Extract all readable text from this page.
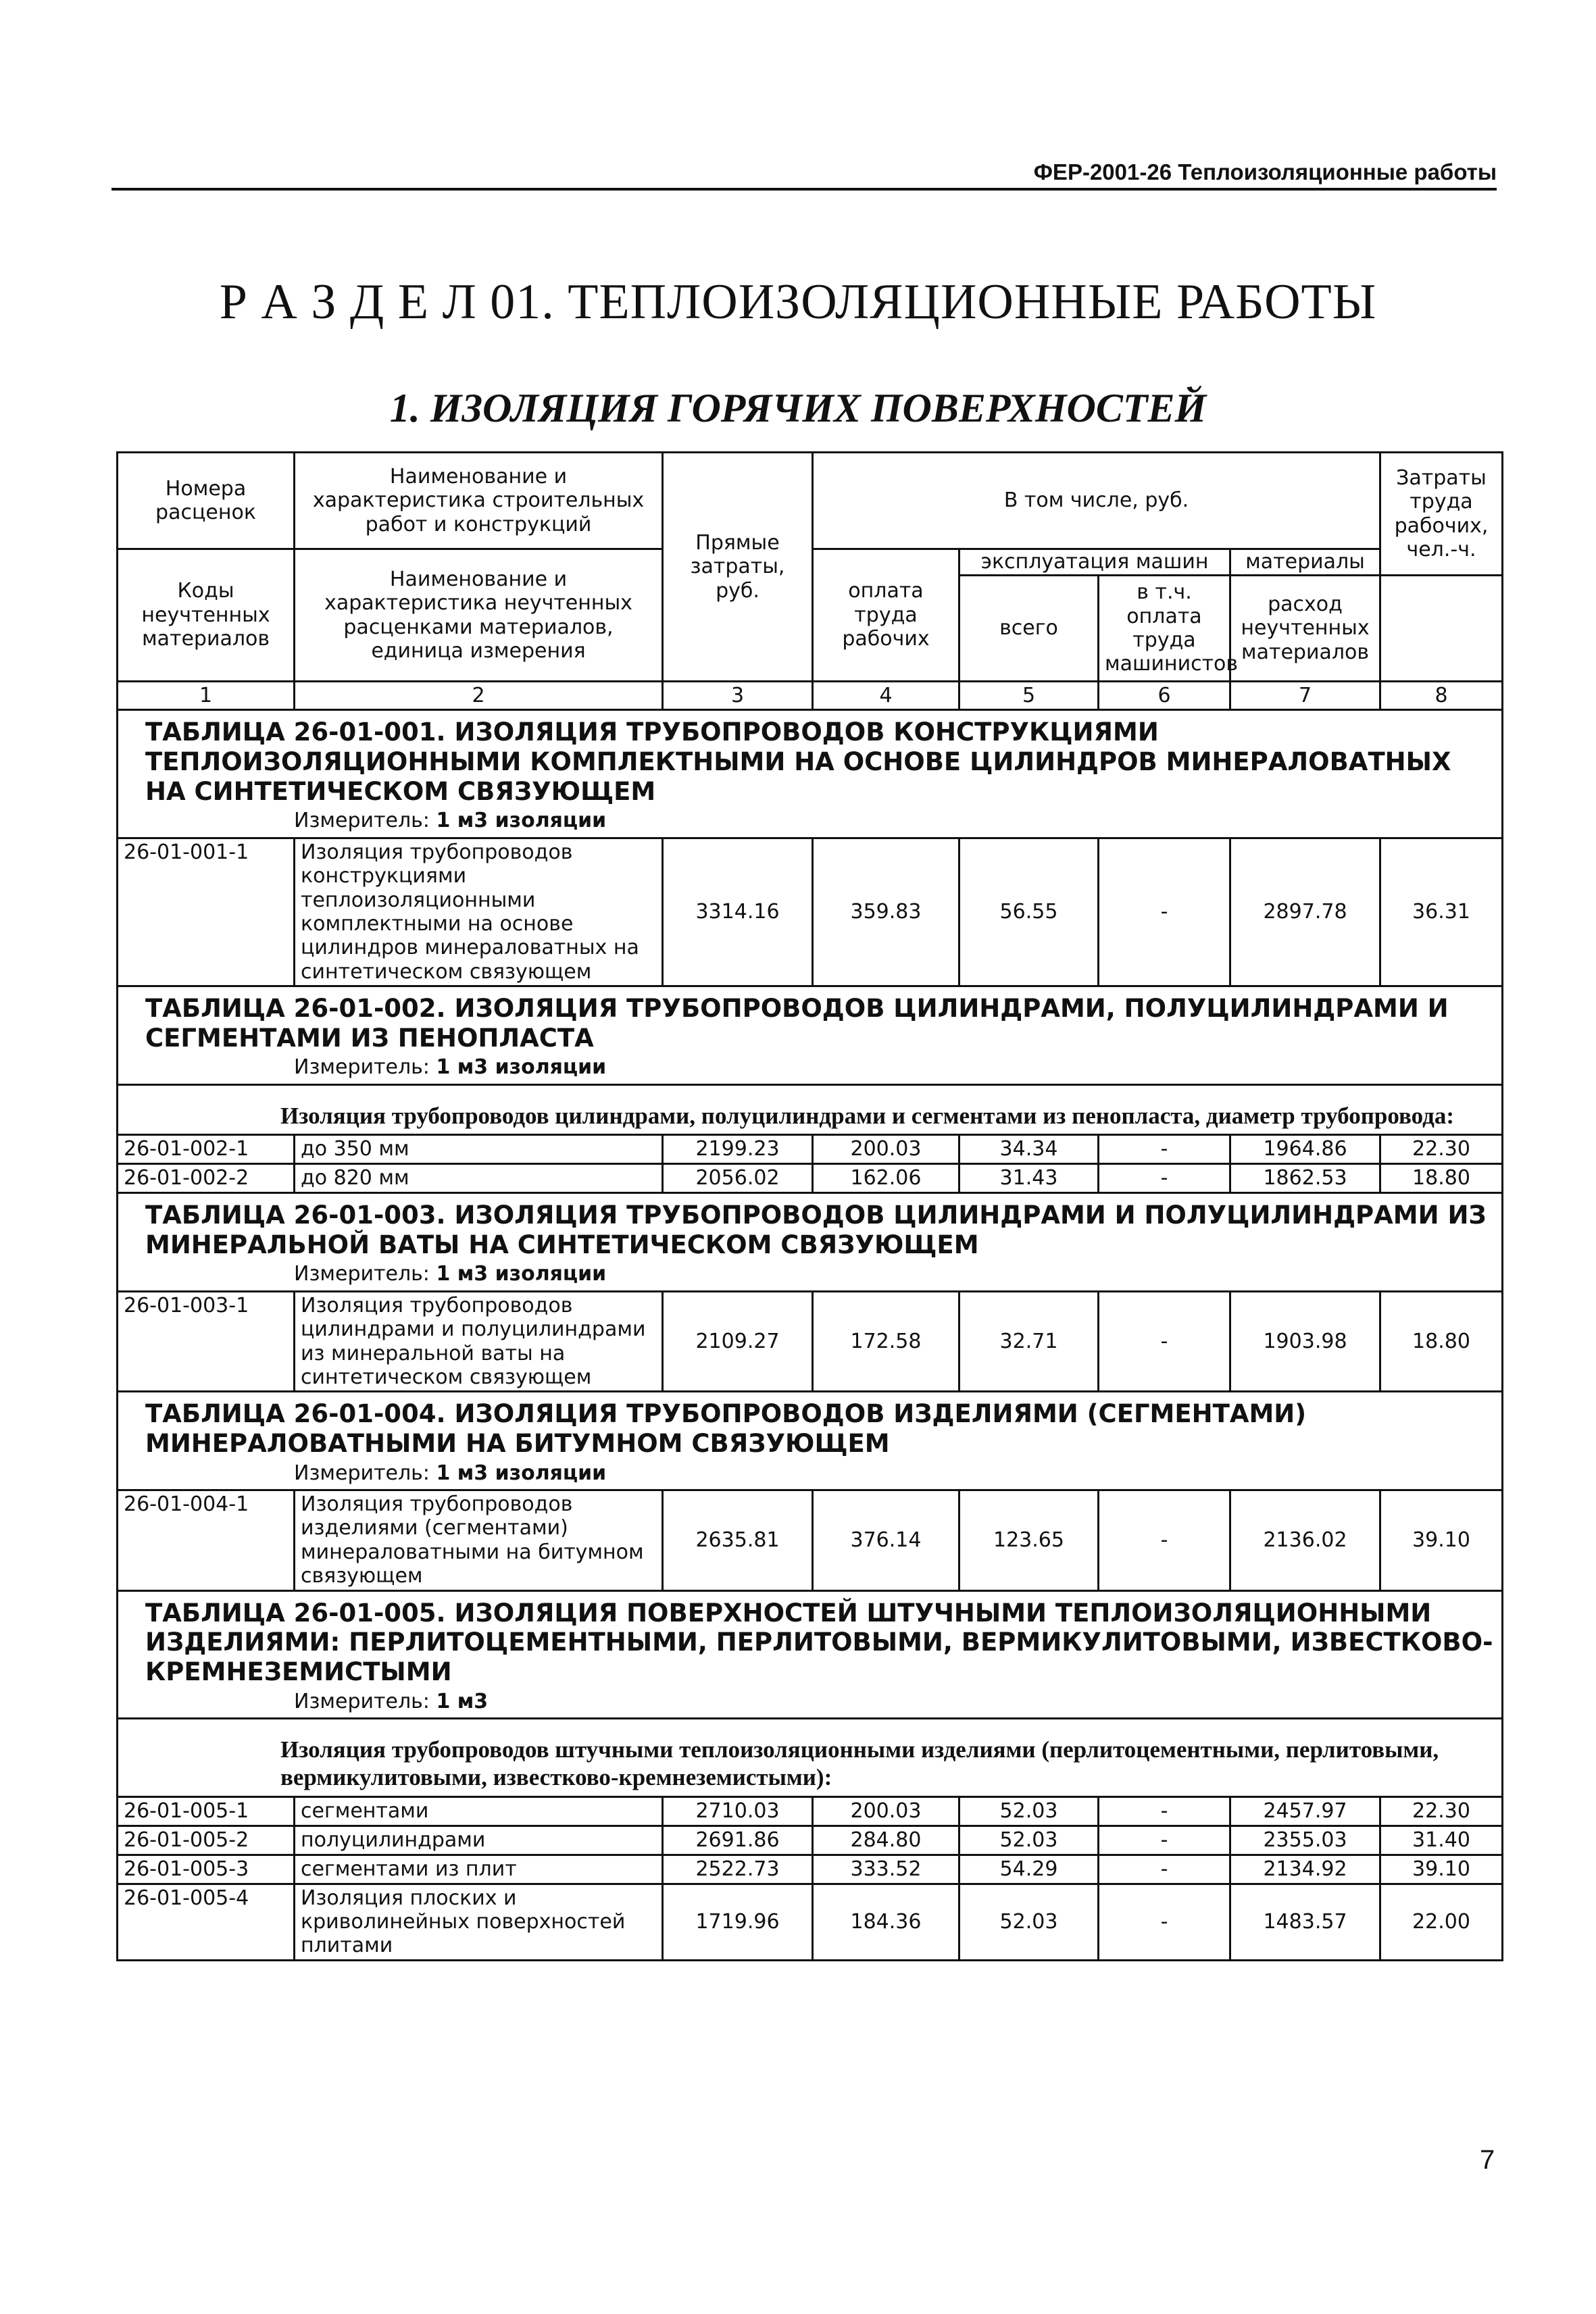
ФЕР-2001-26 Теплоизоляционные работы
Р А З Д Е Л 01. ТЕПЛОИЗОЛЯЦИОННЫЕ РАБОТЫ
1. ИЗОЛЯЦИЯ ГОРЯЧИХ ПОВЕРХНОСТЕЙ
Номера расценок	Наименование и характеристика строительных работ и конструкций	Прямые затраты, руб.	В том числе, руб.				Затраты труда рабочих, чел.-ч.
Коды неучтенных материалов	Наименование и характеристика неучтенных расценками материалов, единица измерения		оплата труда рабочих	эксплуатация машин		материалы	
				всего	в т.ч. оплата труда машинистов	расход неучтенных материалов	
1	2	3	4	5	6	7	8

ТАБЛИЦА 26-01-001. ИЗОЛЯЦИЯ ТРУБОПРОВОДОВ КОНСТРУКЦИЯМИ ТЕПЛОИЗОЛЯЦИОННЫМИ КОМПЛЕКТНЫМИ НА ОСНОВЕ ЦИЛИНДРОВ МИНЕРАЛОВАТНЫХ НА СИНТЕТИЧЕСКОМ СВЯЗУЮЩЕМ
Измеритель: 1 м3 изоляции							

26-01-001-1	Изоляция трубопроводов конструкциями теплоизоляционными комплектными на основе цилиндров минераловатных на синтетическом связующем	3314.16	359.83	56.55	-	2897.78	36.31

ТАБЛИЦА 26-01-002. ИЗОЛЯЦИЯ ТРУБОПРОВОДОВ ЦИЛИНДРАМИ, ПОЛУЦИЛИНДРАМИ И СЕГМЕНТАМИ ИЗ ПЕНОПЛАСТА
Измеритель: 1 м3 изоляции							

Изоляция трубопроводов цилиндрами, полуцилиндрами и сегментами из пенопласта, диаметр трубопровода:							
26-01-002-1	до 350 мм	2199.23	200.03	34.34	-	1964.86	22.30
26-01-002-2	до 820 мм	2056.02	162.06	31.43	-	1862.53	18.80

ТАБЛИЦА 26-01-003. ИЗОЛЯЦИЯ ТРУБОПРОВОДОВ ЦИЛИНДРАМИ И ПОЛУЦИЛИНДРАМИ ИЗ МИНЕРАЛЬНОЙ ВАТЫ НА СИНТЕТИЧЕСКОМ СВЯЗУЮЩЕМ
Измеритель: 1 м3 изоляции							

26-01-003-1	Изоляция трубопроводов цилиндрами и полуцилиндрами из минеральной ваты на синтетическом связующем	2109.27	172.58	32.71	-	1903.98	18.80

ТАБЛИЦА 26-01-004. ИЗОЛЯЦИЯ ТРУБОПРОВОДОВ ИЗДЕЛИЯМИ (СЕГМЕНТАМИ) МИНЕРАЛОВАТНЫМИ НА БИТУМНОМ СВЯЗУЮЩЕМ
Измеритель: 1 м3 изоляции							

26-01-004-1	Изоляция трубопроводов изделиями (сегментами) минераловатными на битумном связующем	2635.81	376.14	123.65	-	2136.02	39.10

ТАБЛИЦА 26-01-005. ИЗОЛЯЦИЯ ПОВЕРХНОСТЕЙ ШТУЧНЫМИ ТЕПЛОИЗОЛЯЦИОННЫМИ ИЗДЕЛИЯМИ: ПЕРЛИТОЦЕМЕНТНЫМИ, ПЕРЛИТОВЫМИ, ВЕРМИКУЛИТОВЫМИ, ИЗВЕСТКОВО-КРЕМНЕЗЕМИСТЫМИ
Измеритель: 1 м3							

Изоляция трубопроводов штучными теплоизоляционными изделиями (перлитоцементными, перлитовыми, вермикулитовыми, известково-кремнеземистыми):							
26-01-005-1	сегментами	2710.03	200.03	52.03	-	2457.97	22.30
26-01-005-2	полуцилиндрами	2691.86	284.80	52.03	-	2355.03	31.40
26-01-005-3	сегментами из плит	2522.73	333.52	54.29	-	2134.92	39.10
26-01-005-4	Изоляция плоских и криволинейных поверхностей плитами	1719.96	184.36	52.03	-	1483.57	22.00
7
